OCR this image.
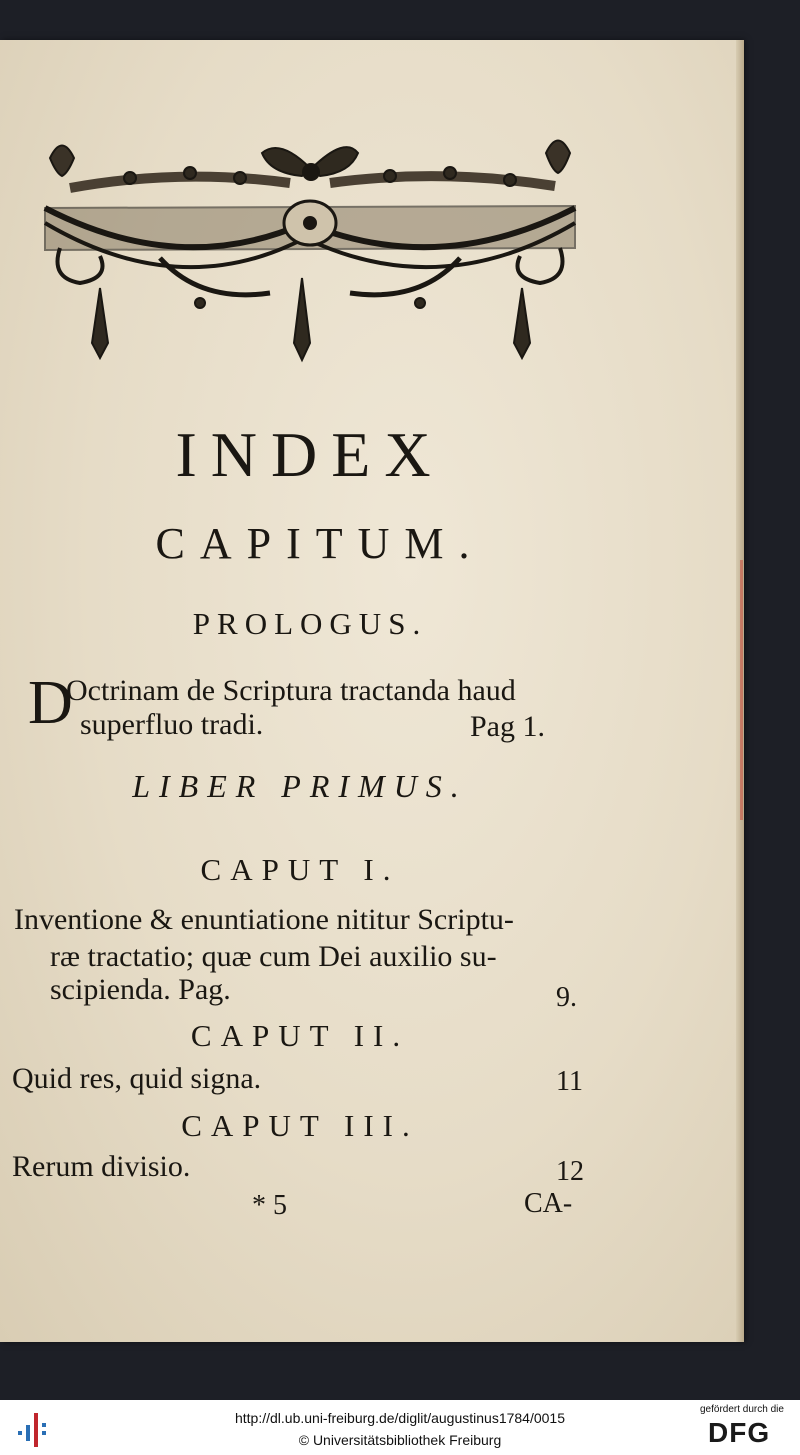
INDEX
CAPITUM.
PROLOGUS.
D
Octrinam de Scriptura tractanda haud
superfluo tradi.	Pag 1.
LIBER PRIMUS.
CAPUT I.
Inventione & enuntiatione nititur Scriptu-
ræ tractatio; quæ cum Dei auxilio su-
scipienda. Pag.	9.
CAPUT II.
Quid res, quid signa.	11
CAPUT III.
Rerum divisio.	12
* 5	CA-
http://dl.ub.uni-freiburg.de/diglit/augustinus1784/0015
© Universitätsbibliothek Freiburg
gefördert durch die
DFG
